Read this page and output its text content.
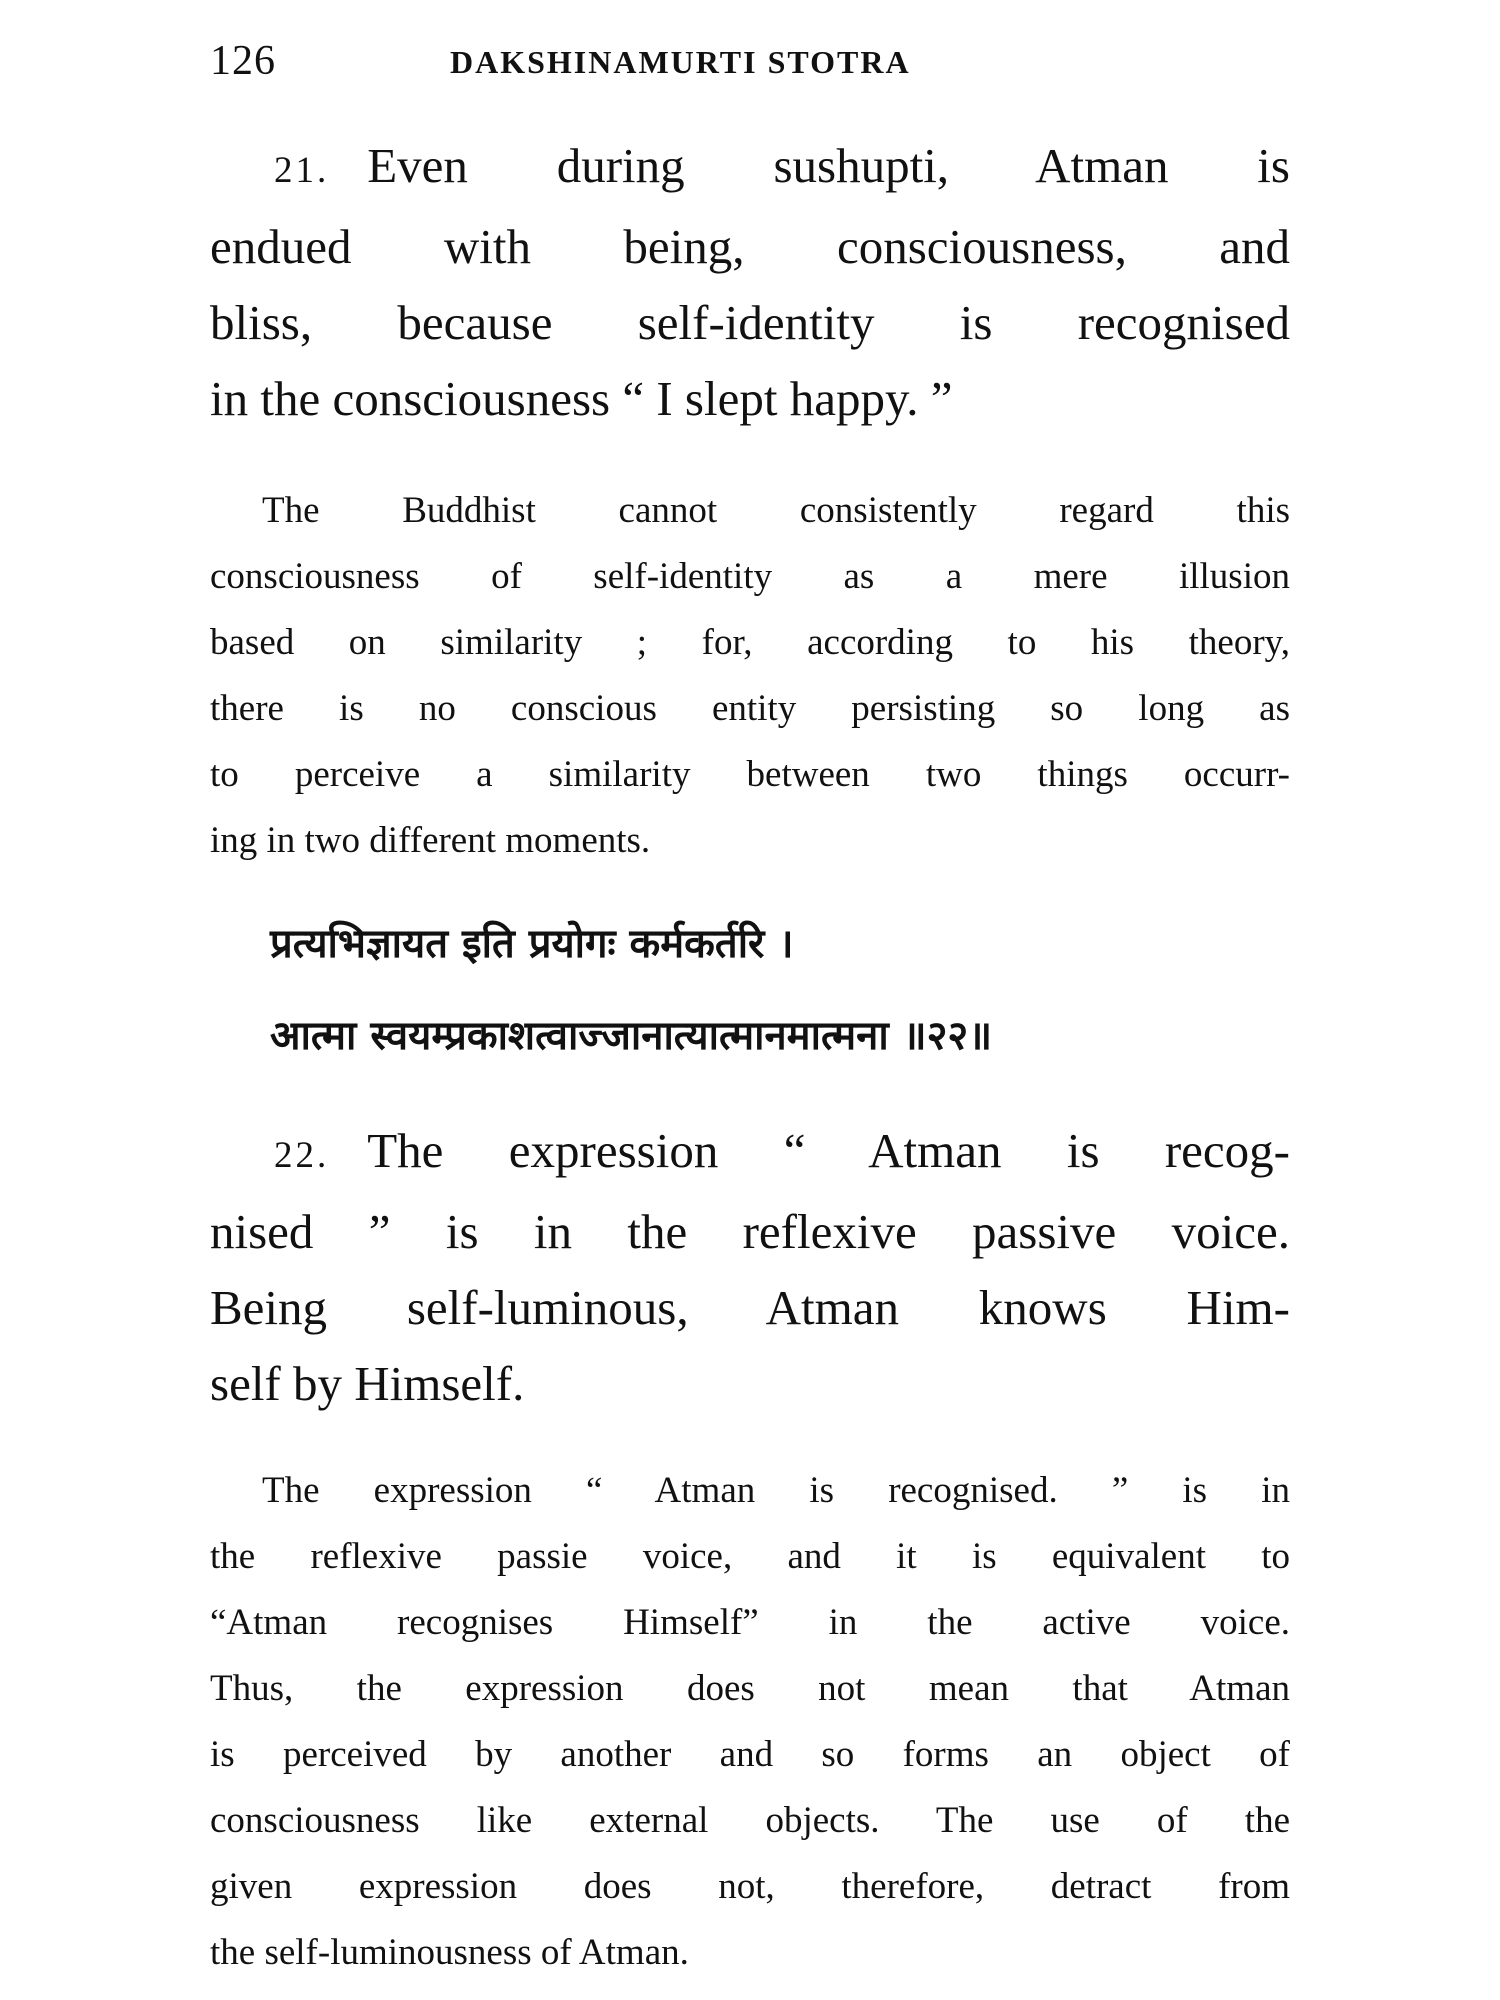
126	DAKSHINAMURTI STOTRA
21. Even during sushupti, Atman is
endued with being, consciousness, and
bliss, because self-identity is recognised
in the consciousness “ I slept happy. ”
The Buddhist cannot consistently regard this
consciousness of self-identity as a mere illusion
based on similarity ; for, according to his theory,
there is no conscious entity persisting so long as
to perceive a similarity between two things occurr-
ing in two different moments.
प्रत्यभिज्ञायत इति प्रयोगः कर्मकर्तरि ।
आत्मा स्वयम्प्रकाशत्वाज्जानात्यात्मानमात्मना ॥२२॥
22. The expression “ Atman is recog-
nised ” is in the reflexive passive voice.
Being self-luminous, Atman knows Him-
self by Himself.
The expression “ Atman is recognised. ” is in
the reflexive passie voice, and it is equivalent to
“Atman recognises Himself” in the active voice.
Thus, the expression does not mean that Atman
is perceived by another and so forms an object of
consciousness like external objects. The use of the
given expression does not, therefore, detract from
the self-luminousness of Atman.
